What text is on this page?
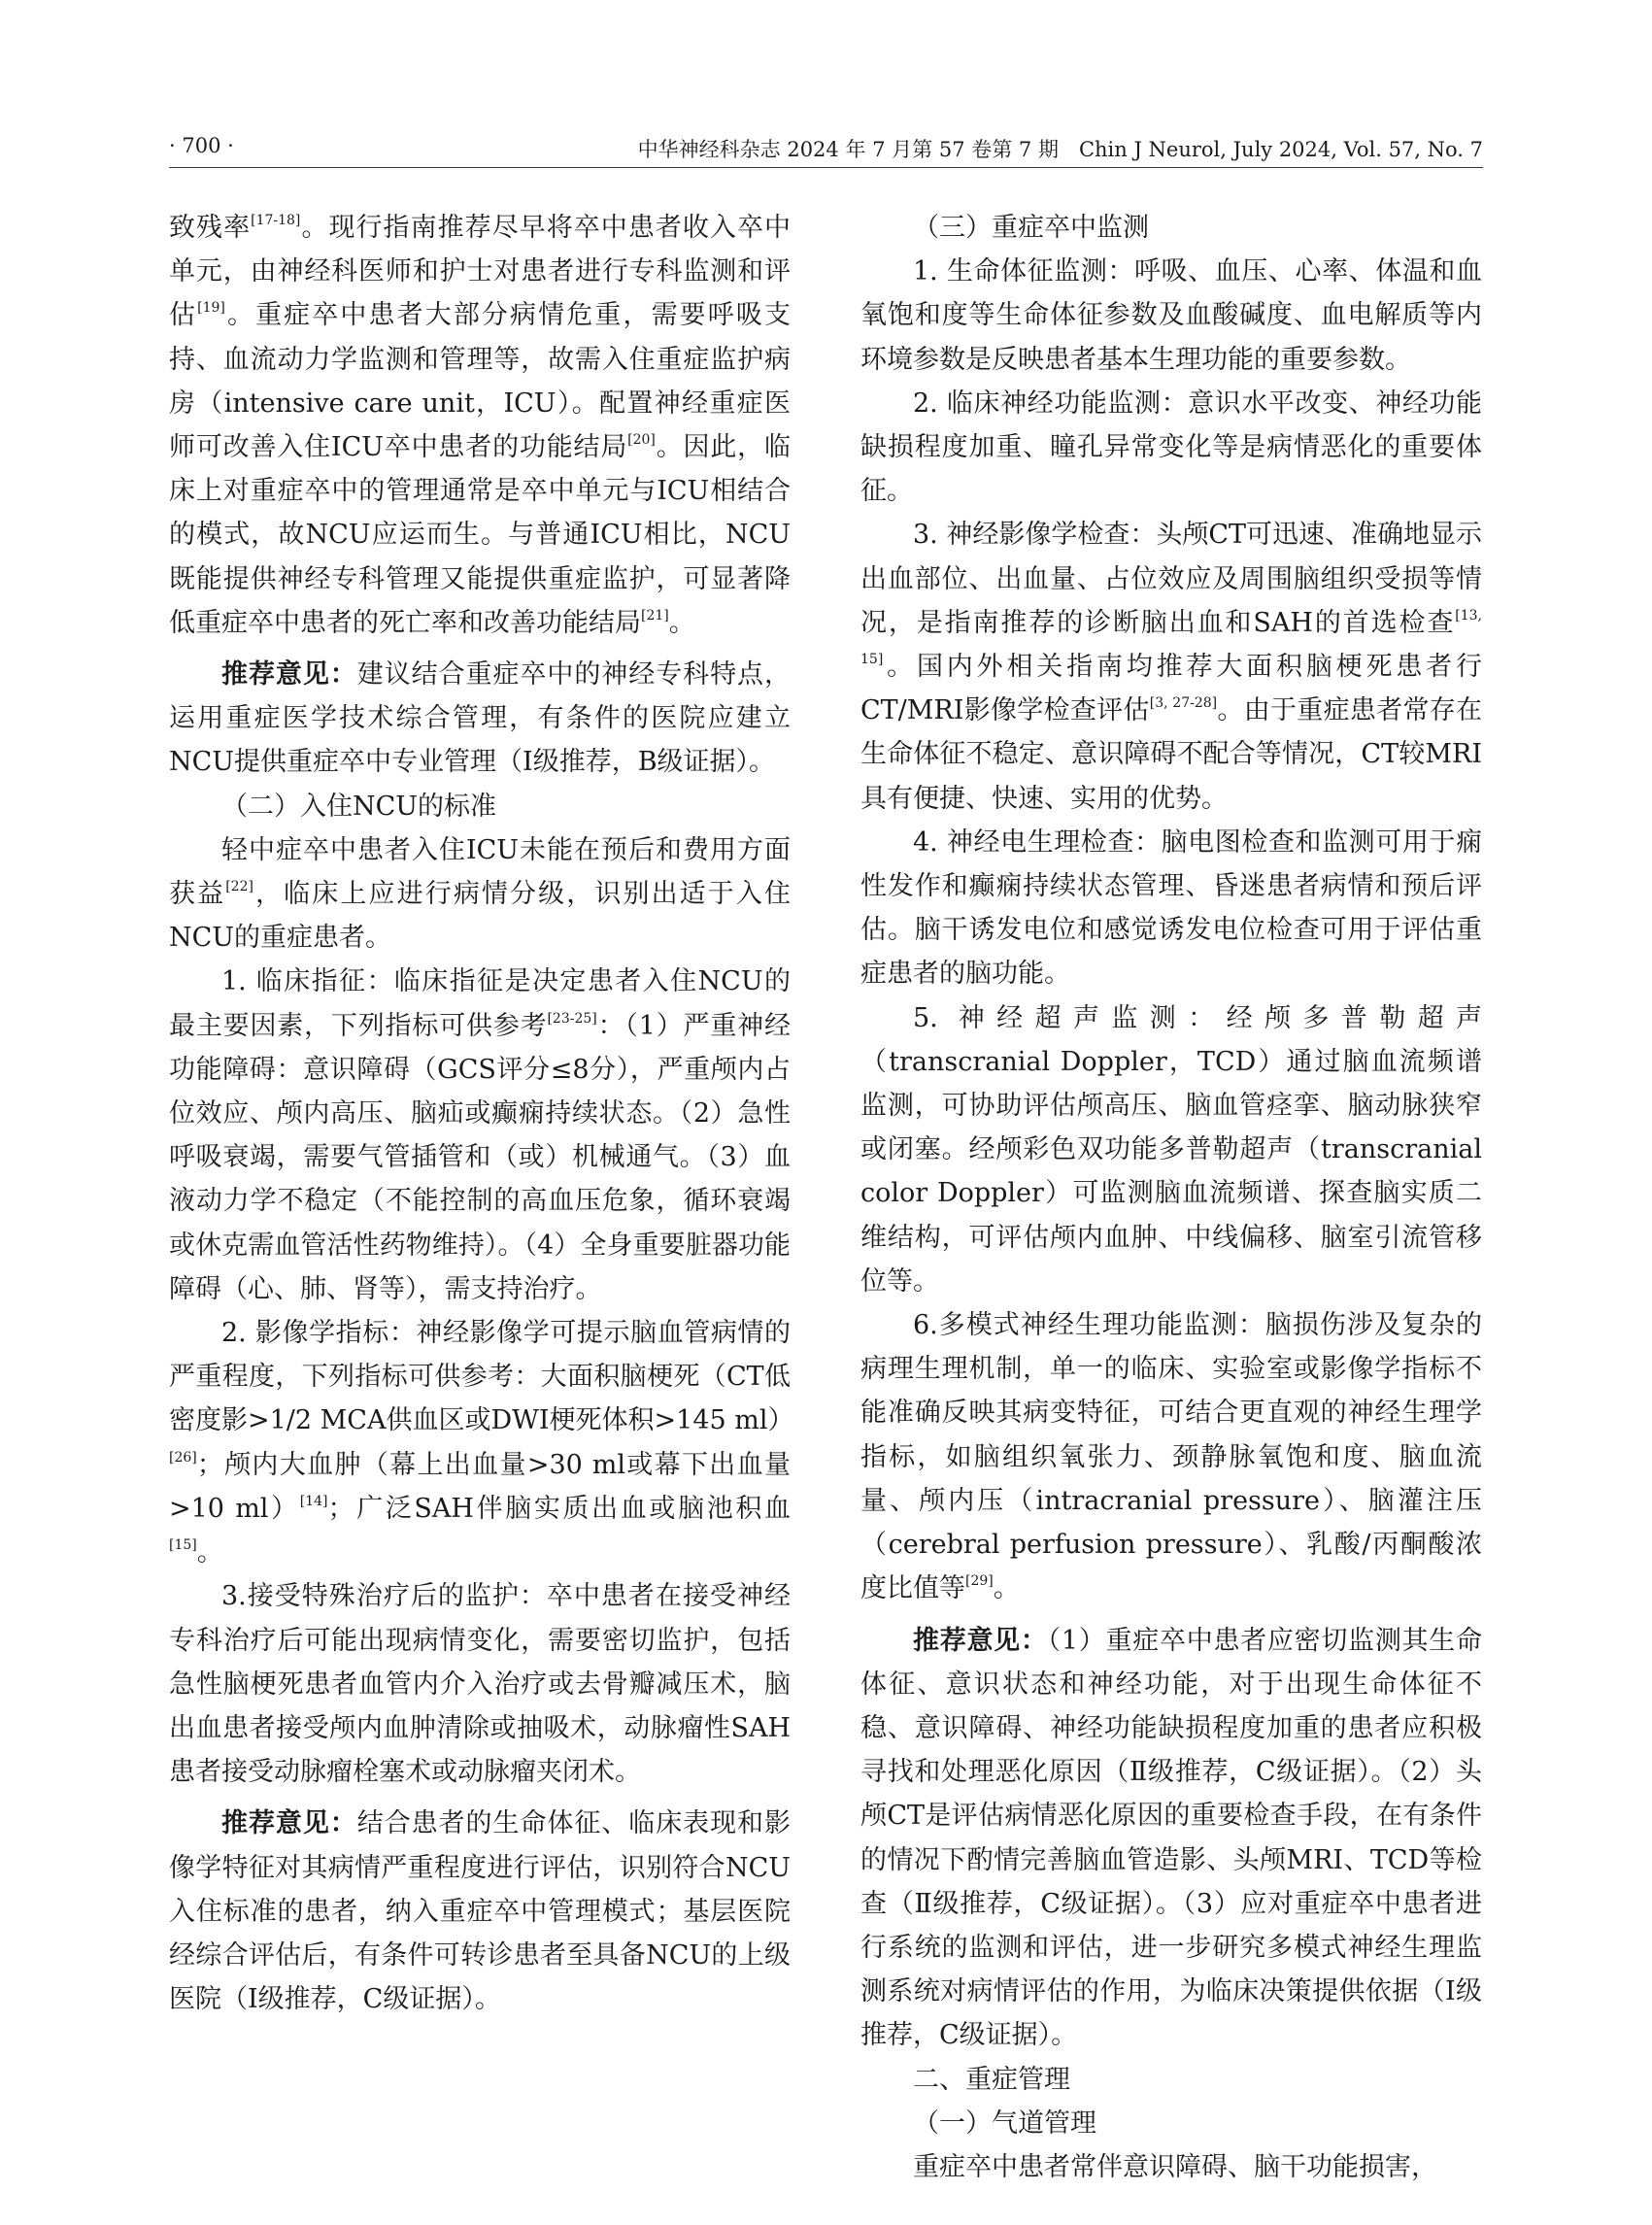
· 700 ·	中华神经科杂志 2024 年 7 月第 57 卷第 7 期　Chin J Neurol, July 2024, Vol. 57, No. 7

致残率[17-18]。现行指南推荐尽早将卒中患者收入卒中单元，由神经科医师和护士对患者进行专科监测和评估[19]。重症卒中患者大部分病情危重，需要呼吸支持、血流动力学监测和管理等，故需入住重症监护病房（intensive care unit，ICU）。配置神经重症医师可改善入住ICU卒中患者的功能结局[20]。因此，临床上对重症卒中的管理通常是卒中单元与ICU相结合的模式，故NCU应运而生。与普通ICU相比，NCU既能提供神经专科管理又能提供重症监护，可显著降低重症卒中患者的死亡率和改善功能结局[21]。

推荐意见：建议结合重症卒中的神经专科特点，运用重症医学技术综合管理，有条件的医院应建立NCU提供重症卒中专业管理（Ⅰ级推荐，B级证据）。

（二）入住NCU的标准

轻中症卒中患者入住ICU未能在预后和费用方面获益[22]，临床上应进行病情分级，识别出适于入住NCU的重症患者。

1. 临床指征：临床指征是决定患者入住NCU的最主要因素，下列指标可供参考[23-25]：（1）严重神经功能障碍：意识障碍（GCS评分≤8分），严重颅内占位效应、颅内高压、脑疝或癫痫持续状态。（2）急性呼吸衰竭，需要气管插管和（或）机械通气。（3）血液动力学不稳定（不能控制的高血压危象，循环衰竭或休克需血管活性药物维持）。（4）全身重要脏器功能障碍（心、肺、肾等），需支持治疗。

2. 影像学指标：神经影像学可提示脑血管病情的严重程度，下列指标可供参考：大面积脑梗死（CT低密度影>1/2 MCA供血区或DWI梗死体积>145 ml）[26]；颅内大血肿（幕上出血量>30 ml或幕下出血量>10 ml）[14]；广泛SAH伴脑实质出血或脑池积血[15]。

3.接受特殊治疗后的监护：卒中患者在接受神经专科治疗后可能出现病情变化，需要密切监护，包括急性脑梗死患者血管内介入治疗或去骨瓣减压术，脑出血患者接受颅内血肿清除或抽吸术，动脉瘤性SAH患者接受动脉瘤栓塞术或动脉瘤夹闭术。

推荐意见：结合患者的生命体征、临床表现和影像学特征对其病情严重程度进行评估，识别符合NCU入住标准的患者，纳入重症卒中管理模式；基层医院经综合评估后，有条件可转诊患者至具备NCU的上级医院（Ⅰ级推荐，C级证据）。

（三）重症卒中监测

1. 生命体征监测：呼吸、血压、心率、体温和血氧饱和度等生命体征参数及血酸碱度、血电解质等内环境参数是反映患者基本生理功能的重要参数。

2. 临床神经功能监测：意识水平改变、神经功能缺损程度加重、瞳孔异常变化等是病情恶化的重要体征。

3. 神经影像学检查：头颅CT可迅速、准确地显示出血部位、出血量、占位效应及周围脑组织受损等情况，是指南推荐的诊断脑出血和SAH的首选检查[13, 15]。国内外相关指南均推荐大面积脑梗死患者行CT/MRI影像学检查评估[3, 27-28]。由于重症患者常存在生命体征不稳定、意识障碍不配合等情况，CT较MRI具有便捷、快速、实用的优势。

4. 神经电生理检查：脑电图检查和监测可用于痫性发作和癫痫持续状态管理、昏迷患者病情和预后评估。脑干诱发电位和感觉诱发电位检查可用于评估重症患者的脑功能。

5. 神经超声监测：经颅多普勒超声（transcranial Doppler，TCD）通过脑血流频谱监测，可协助评估颅高压、脑血管痉挛、脑动脉狭窄或闭塞。经颅彩色双功能多普勒超声（transcranial color Doppler）可监测脑血流频谱、探查脑实质二维结构，可评估颅内血肿、中线偏移、脑室引流管移位等。

6.多模式神经生理功能监测：脑损伤涉及复杂的病理生理机制，单一的临床、实验室或影像学指标不能准确反映其病变特征，可结合更直观的神经生理学指标，如脑组织氧张力、颈静脉氧饱和度、脑血流量、颅内压（intracranial pressure）、脑灌注压（cerebral perfusion pressure）、乳酸/丙酮酸浓度比值等[29]。

推荐意见：（1）重症卒中患者应密切监测其生命体征、意识状态和神经功能，对于出现生命体征不稳、意识障碍、神经功能缺损程度加重的患者应积极寻找和处理恶化原因（Ⅱ级推荐，C级证据）。（2）头颅CT是评估病情恶化原因的重要检查手段，在有条件的情况下酌情完善脑血管造影、头颅MRI、TCD等检查（Ⅱ级推荐，C级证据）。（3）应对重症卒中患者进行系统的监测和评估，进一步研究多模式神经生理监测系统对病情评估的作用，为临床决策提供依据（Ⅰ级推荐，C级证据）。

二、重症管理

（一）气道管理

重症卒中患者常伴意识障碍、脑干功能损害，
